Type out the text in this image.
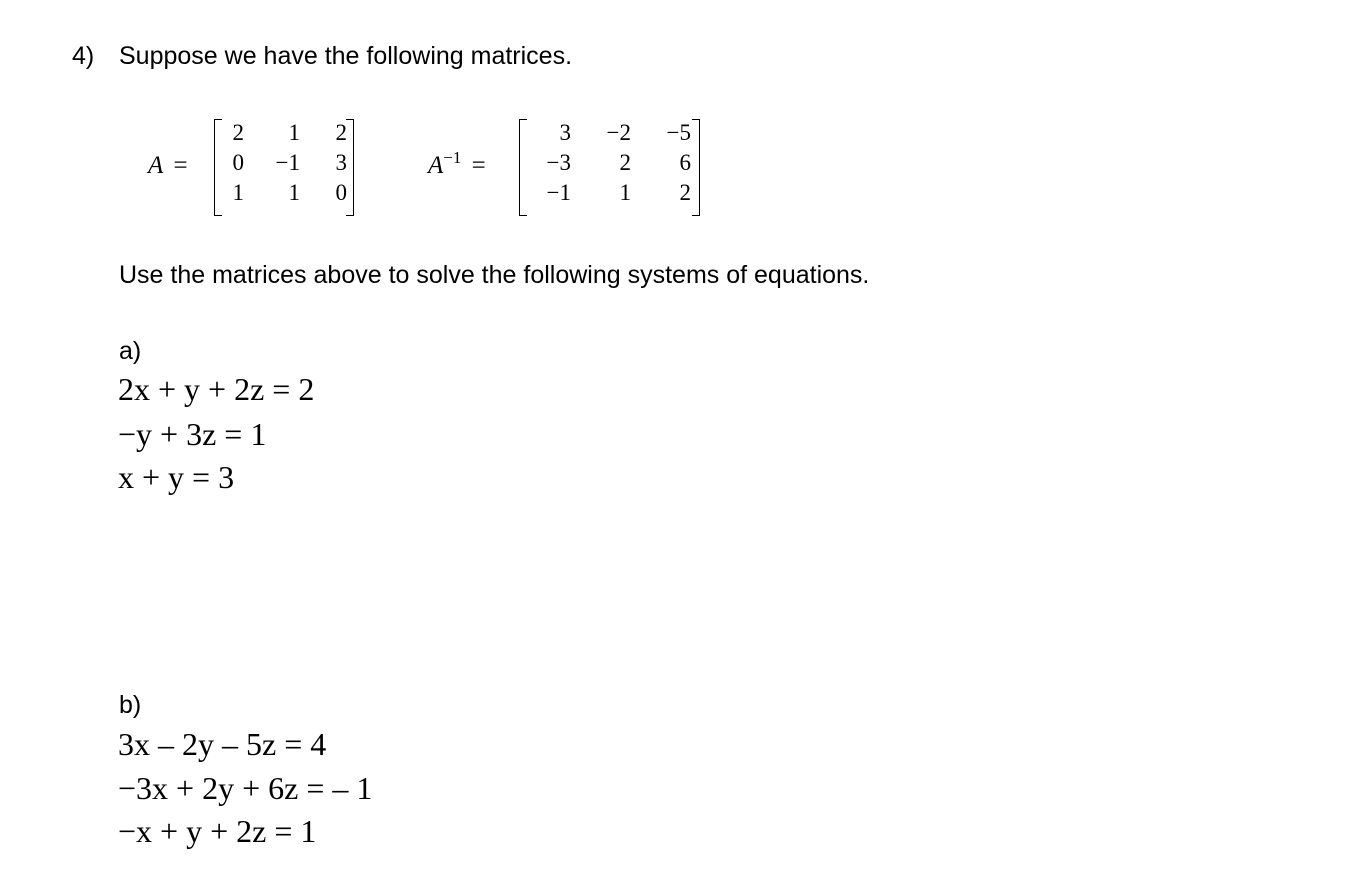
4) Suppose we have the following matrices.
A =
2	1	2
0	−1	3
1	1	0
$A^{-1}$ =
3	−2	−5
−3	2	6
−1	1	2
Use the matrices above to solve the following systems of equations.
a)
2x + y + 2z = 2
−y + 3z = 1
x + y = 3
b)
3x – 2y – 5z = 4
−3x + 2y + 6z = – 1
−x + y + 2z = 1
